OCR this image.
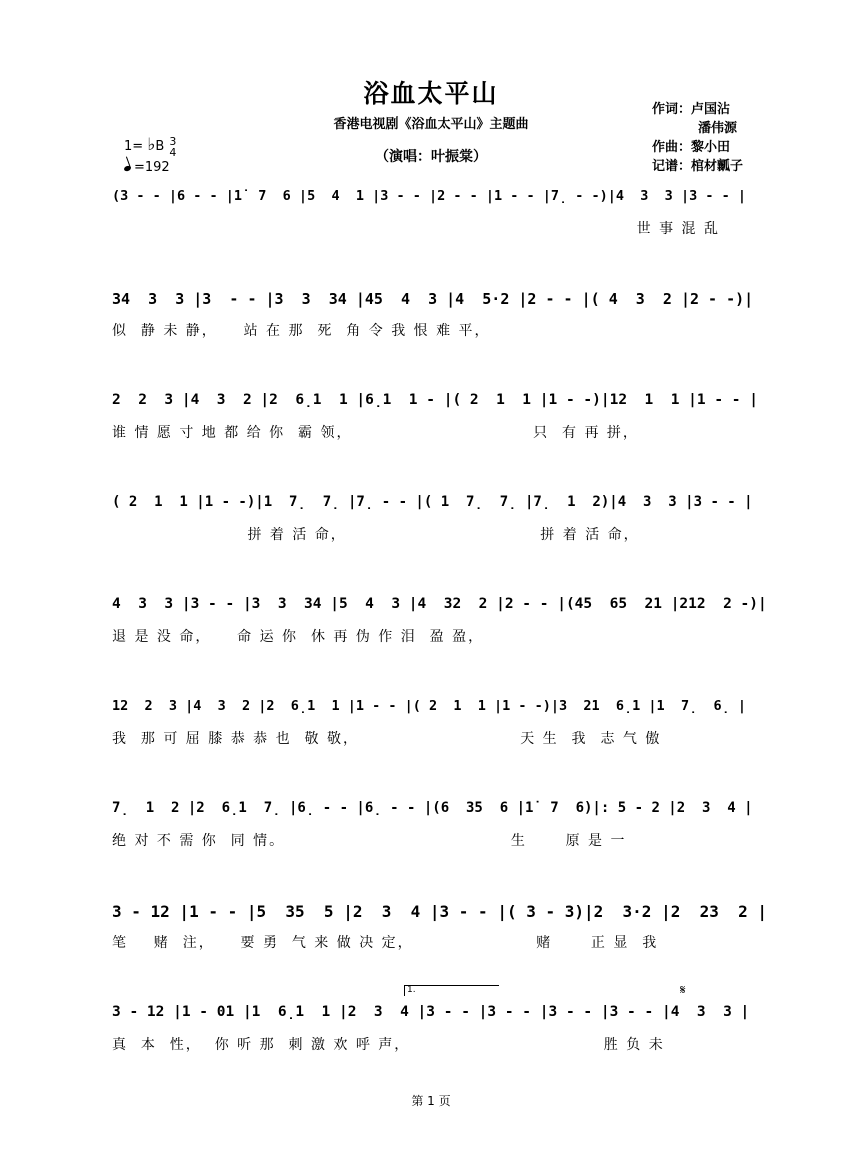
浴血太平山
香港电视剧《浴血太平山》主题曲
（演唱：叶振棠）
作词：卢国沾
潘伟源
作曲：黎小田
记谱：棺材瓤子
1= ♭B 3
4
=192
(3 - - |6 - - |1̇  7  6 |5  4  1 |3 - - |2 - - |1 - - |7̣ - -)|4  3  3 |3 - - |
世 事 混 乱
34  3  3 |3  - - |3  3  34 |45  4  3 |4  5·2 |2 - - |( 4  3  2 |2 - -)|
似  静 未 静，    站 在 那  死  角 令 我 恨 难 平，
2  2  3 |4  3  2 |2  6̣1  1 |6̣1  1 - |( 2  1  1 |1 - -)|12  1  1 |1 - - |
谁 情 愿 寸 地 都 给 你  霸 领，                            只  有 再 拼，
( 2  1  1 |1 - -)|1  7̣  7̣ |7̣ - - |( 1  7̣  7̣ |7̣  1  2)|4  3  3 |3 - - |
拼 着 活 命，                              拼 着 活 命，
4  3  3 |3 - - |3  3  34 |5  4  3 |4  32  2 |2 - - |(45  65  21 |212  2 -)|
退 是 没 命，    命 运 你  休 再 伪 作 泪  盈 盈，
12  2  3 |4  3  2 |2  6̣1  1 |1 - - |( 2  1  1 |1 - -)|3  21  6̣1 |1  7̣  6̣ |
我  那 可 屈 膝 恭 恭 也  敬 敬，                         天 生  我  志 气 傲
7̣  1  2 |2  6̣1  7̣ |6̣ - - |6̣ - - |(6  35  6 |1̇  7  6)|: 5 - 2 |2  3  4 |
绝 对 不 需 你  同 情。                                   生      原 是 一
3 - 12 |1 - - |5  35  5 |2  3  4 |3 - - |( 3 - 3)|2  3·2 |2  23  2 |
笔    赌  注，    要 勇  气 来 做 决 定，                   赌      正 显  我
3 - 12 |1 - 01 |1  6̣1  1 |2  3  4 |3 - - |3 - - |3 - - |3 - - |4  3  3 |
真  本  性，  你 听 那  刺 激 欢 呼 声，                              胜 负 未
1.	𝄋
第 1 页
